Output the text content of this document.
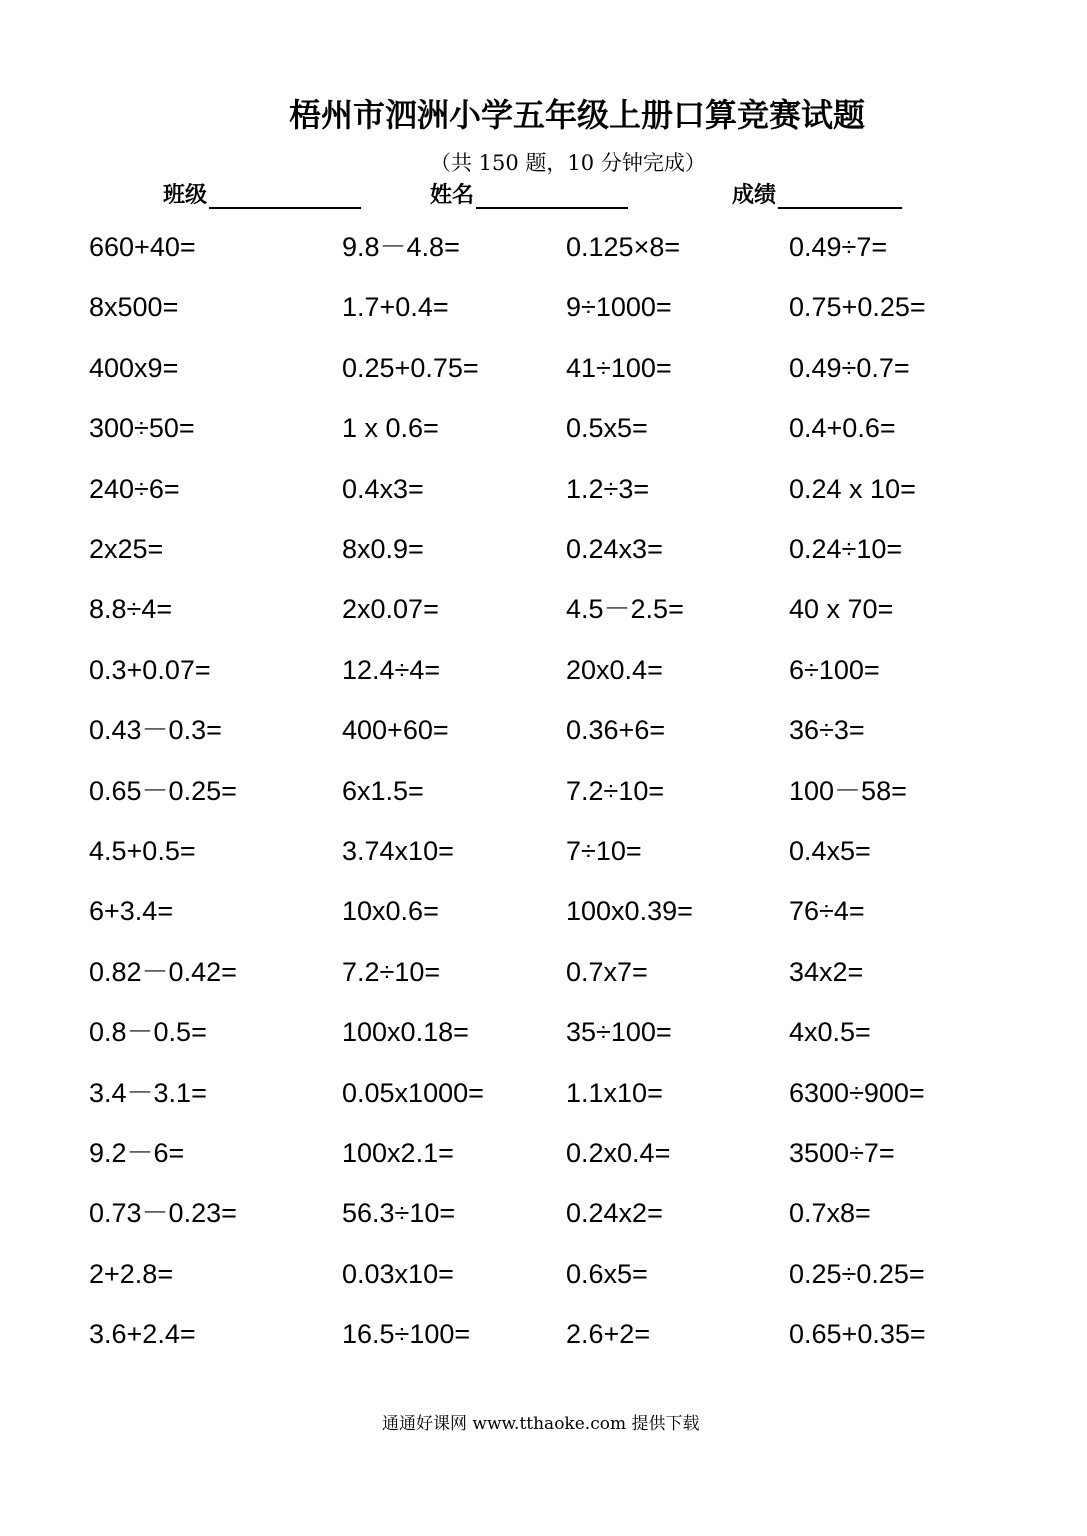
梧州市泗洲小学五年级上册口算竞赛试题
（共 150 题，10 分钟完成）
班级	姓名	成绩
660+40=	9.8－4.8=	0.125×8=	0.49÷7=
8x500=	1.7+0.4=	9÷1000=	0.75+0.25=
400x9=	0.25+0.75=	41÷100=	0.49÷0.7=
300÷50=	1 x 0.6=	0.5x5=	0.4+0.6=
240÷6=	0.4x3=	1.2÷3=	0.24 x 10=
2x25=	8x0.9=	0.24x3=	0.24÷10=
8.8÷4=	2x0.07=	4.5－2.5=	40 x 70=
0.3+0.07=	12.4÷4=	20x0.4=	6÷100=
0.43－0.3=	400+60=	0.36+6=	36÷3=
0.65－0.25=	6x1.5=	7.2÷10=	100－58=
4.5+0.5=	3.74x10=	7÷10=	0.4x5=
6+3.4=	10x0.6=	100x0.39=	76÷4=
0.82－0.42=	7.2÷10=	0.7x7=	34x2=
0.8－0.5=	100x0.18=	35÷100=	4x0.5=
3.4－3.1=	0.05x1000=	1.1x10=	6300÷900=
9.2－6=	100x2.1=	0.2x0.4=	3500÷7=
0.73－0.23=	56.3÷10=	0.24x2=	0.7x8=
2+2.8=	0.03x10=	0.6x5=	0.25÷0.25=
3.6+2.4=	16.5÷100=	2.6+2=	0.65+0.35=
通通好课网 www.tthaoke.com 提供下载
